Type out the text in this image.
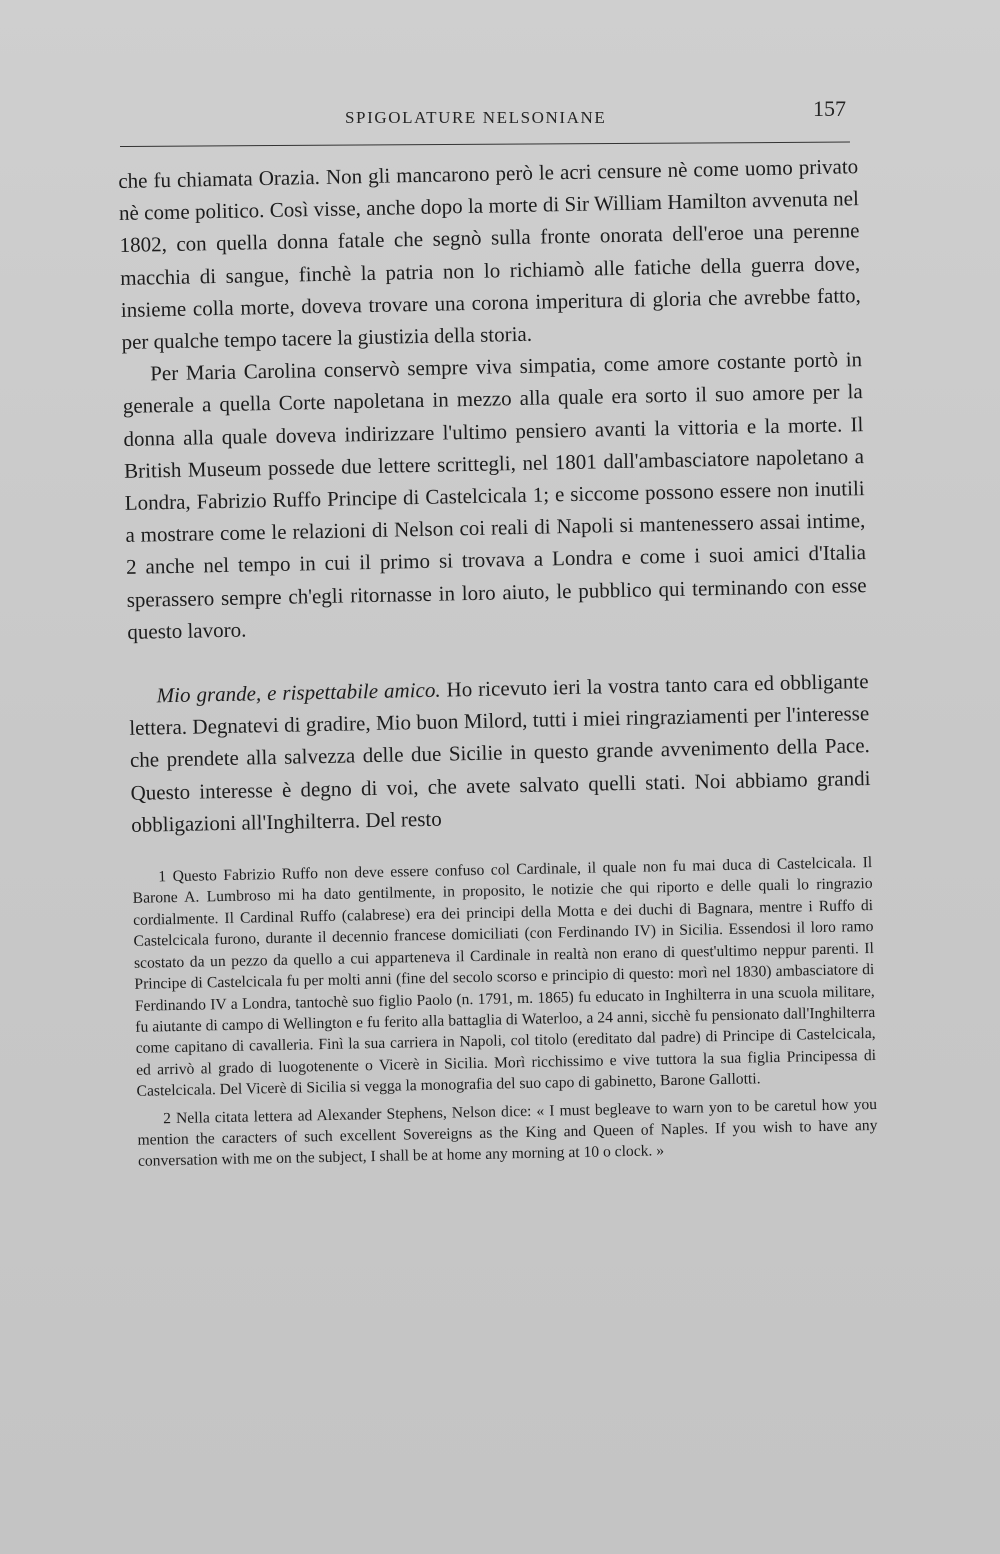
SPIGOLATURE NELSONIANE	157

che fu chiamata Orazia. Non gli mancarono però le acri censure nè come uomo privato nè come politico. Così visse, anche dopo la morte di Sir William Hamilton avvenuta nel 1802, con quella donna fatale che segnò sulla fronte onorata dell'eroe una perenne macchia di sangue, finchè la patria non lo richiamò alle fatiche della guerra dove, insieme colla morte, doveva trovare una corona imperitura di gloria che avrebbe fatto, per qualche tempo tacere la giustizia della storia.

Per Maria Carolina conservò sempre viva simpatia, come amore costante portò in generale a quella Corte napoletana in mezzo alla quale era sorto il suo amore per la donna alla quale doveva indirizzare l'ultimo pensiero avanti la vittoria e la morte. Il British Museum possede due lettere scrittegli, nel 1801 dall'ambasciatore napoletano a Londra, Fabrizio Ruffo Principe di Castelcicala 1; e siccome possono essere non inutili a mostrare come le relazioni di Nelson coi reali di Napoli si mantenessero assai intime, 2 anche nel tempo in cui il primo si trovava a Londra e come i suoi amici d'Italia sperassero sempre ch'egli ritornasse in loro aiuto, le pubblico qui terminando con esse questo lavoro.

Mio grande, e rispettabile amico. Ho ricevuto ieri la vostra tanto cara ed obbligante lettera. Degnatevi di gradire, Mio buon Milord, tutti i miei ringraziamenti per l'interesse che prendete alla salvezza delle due Sicilie in questo grande avvenimento della Pace. Questo interesse è degno di voi, che avete salvato quelli stati. Noi abbiamo grandi obbligazioni all'Inghilterra. Del resto

1 Questo Fabrizio Ruffo non deve essere confuso col Cardinale, il quale non fu mai duca di Castelcicala. Il Barone A. Lumbroso mi ha dato gentilmente, in proposito, le notizie che qui riporto e delle quali lo ringrazio cordialmente. Il Cardinal Ruffo (calabrese) era dei principi della Motta e dei duchi di Bagnara, mentre i Ruffo di Castelcicala furono, durante il decennio francese domiciliati (con Ferdinando IV) in Sicilia. Essendosi il loro ramo scostato da un pezzo da quello a cui apparteneva il Cardinale in realtà non erano di quest'ultimo neppur parenti. Il Principe di Castelcicala fu per molti anni (fine del secolo scorso e principio di questo: morì nel 1830) ambasciatore di Ferdinando IV a Londra, tantochè suo figlio Paolo (n. 1791, m. 1865) fu educato in Inghilterra in una scuola militare, fu aiutante di campo di Wellington e fu ferito alla battaglia di Waterloo, a 24 anni, sicchè fu pensionato dall'Inghilterra come capitano di cavalleria. Finì la sua carriera in Napoli, col titolo (ereditato dal padre) di Principe di Castelcicala, ed arrivò al grado di luogotenente o Vicerè in Sicilia. Morì ricchissimo e vive tuttora la sua figlia Principessa di Castelcicala. Del Vicerè di Sicilia si vegga la monografia del suo capo di gabinetto, Barone Gallotti.

2 Nella citata lettera ad Alexander Stephens, Nelson dice: « I must begleave to warn yon to be caretul how you mention the caracters of such excellent Sovereigns as the King and Queen of Naples. If you wish to have any conversation with me on the subject, I shall be at home any morning at 10 o clock. »
